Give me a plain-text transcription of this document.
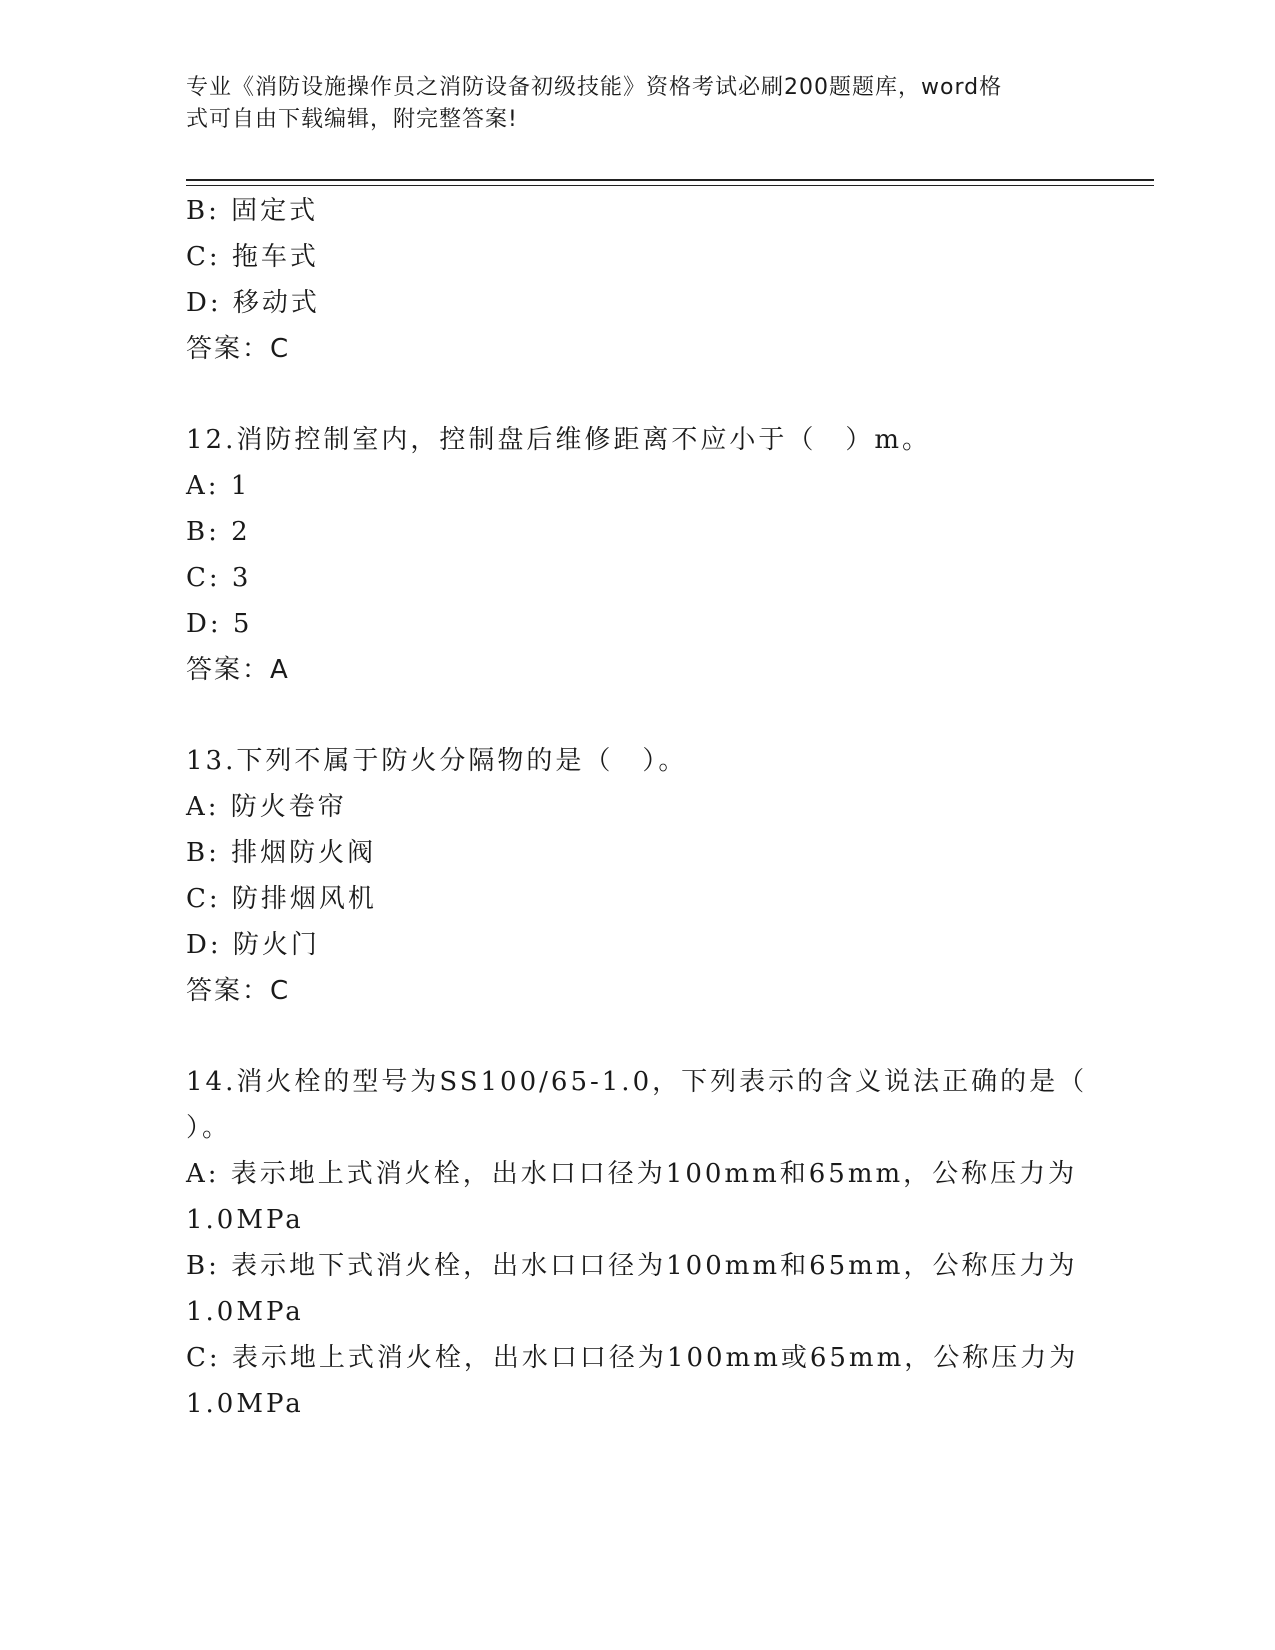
专业《消防设施操作员之消防设备初级技能》资格考试必刷200题题库，word格
式可自由下载编辑，附完整答案!
B: 固定式
C: 拖车式
D: 移动式
答案：C
12.消防控制室内，控制盘后维修距离不应小于（　）m。
A: 1
B: 2
C: 3
D: 5
答案：A
13.下列不属于防火分隔物的是（　）。
A: 防火卷帘
B: 排烟防火阀
C: 防排烟风机
D: 防火门
答案：C
14.消火栓的型号为SS100/65-1.0，下列表示的含义说法正确的是（
）。
A: 表示地上式消火栓，出水口口径为100mm和65mm，公称压力为
1.0MPa
B: 表示地下式消火栓，出水口口径为100mm和65mm，公称压力为
1.0MPa
C: 表示地上式消火栓，出水口口径为100mm或65mm，公称压力为
1.0MPa
